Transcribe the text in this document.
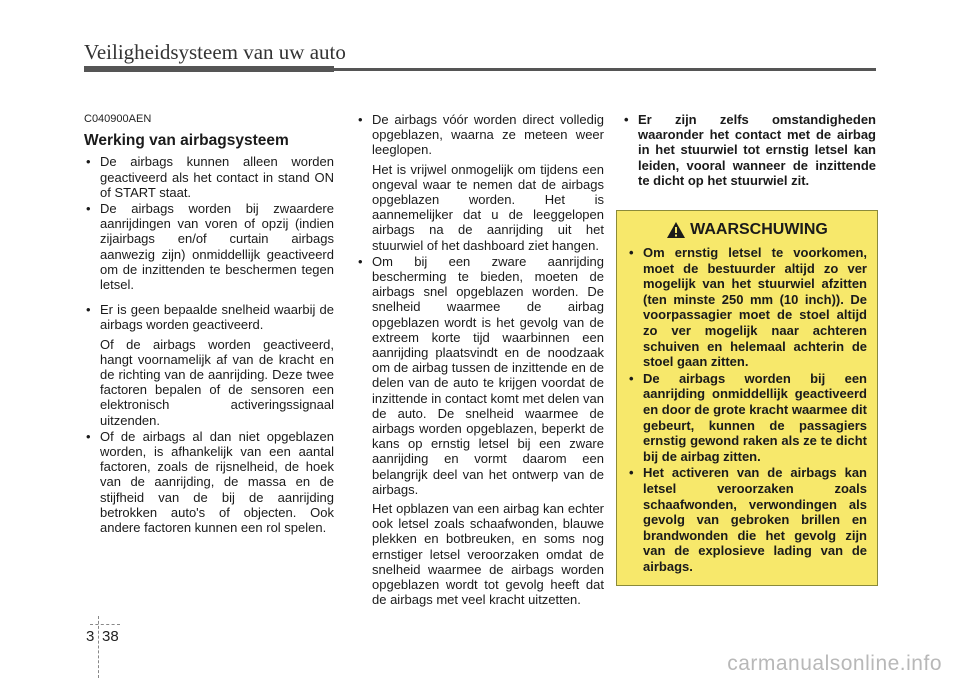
Veiligheidsysteem van uw auto
C040900AEN
Werking van airbagsysteem
• De airbags kunnen alleen worden geactiveerd als het contact in stand ON of START staat.

• De airbags worden bij zwaardere aanrijdingen van voren of opzij (indien zijairbags en/of curtain airbags aanwezig zijn) onmiddellijk geactiveerd om de inzittenden te beschermen tegen letsel.

• Er is geen bepaalde snelheid waarbij de airbags worden geactiveerd.

Of de airbags worden geactiveerd, hangt voornamelijk af van de kracht en de richting van de aanrijding. Deze twee factoren bepalen of de sensoren een elektronisch activeringssignaal uitzenden.

• Of de airbags al dan niet opgeblazen worden, is afhankelijk van een aantal factoren, zoals de rijsnelheid, de hoek van de aanrijding, de massa en de stijfheid van de bij de aanrijding betrokken auto's of objecten. Ook andere factoren kunnen een rol spelen.

• De airbags vóór worden direct volledig opgeblazen, waarna ze meteen weer leeglopen.

Het is vrijwel onmogelijk om tijdens een ongeval waar te nemen dat de airbags opgeblazen worden. Het is aannemelijker dat u de leeggelopen airbags na de aanrijding uit het stuurwiel of het dashboard ziet hangen.

• Om bij een zware aanrijding bescherming te bieden, moeten de airbags snel opgeblazen worden. De snelheid waarmee de airbag opgeblazen wordt is het gevolg van de extreem korte tijd waarbinnen een aanrijding plaatsvindt en de noodzaak om de airbag tussen de inzittende en de delen van de auto te krijgen voordat de inzittende in contact komt met delen van de auto. De snelheid waarmee de airbags worden opgeblazen, beperkt de kans op ernstig letsel bij een zware aanrijding en vormt daarom een belangrijk deel van het ontwerp van de airbags.

Het opblazen van een airbag kan echter ook letsel zoals schaafwonden, blauwe plekken en botbreuken, en soms nog ernstiger letsel veroorzaken omdat de snelheid waarmee de airbags worden opgeblazen wordt tot gevolg heeft dat de airbags met veel kracht uitzetten.

• Er zijn zelfs omstandigheden waaronder het contact met de airbag in het stuurwiel tot ernstig letsel kan leiden, vooral wanneer de inzittende te dicht op het stuurwiel zit.

WAARSCHUWING
• Om ernstig letsel te voorkomen, moet de bestuurder altijd zo ver mogelijk van het stuurwiel afzitten (ten minste 250 mm (10 inch)). De voorpassagier moet de stoel altijd zo ver mogelijk naar achteren schuiven en helemaal achterin de stoel gaan zitten.

• De airbags worden bij een aanrijding onmiddellijk geactiveerd en door de grote kracht waarmee dit gebeurt, kunnen de passagiers ernstig gewond raken als ze te dicht bij de airbag zitten.

• Het activeren van de airbags kan letsel veroorzaken zoals schaafwonden, verwondingen als gevolg van gebroken brillen en brandwonden die het gevolg zijn van de explosieve lading van de airbags.

3 38
carmanualsonline.info
